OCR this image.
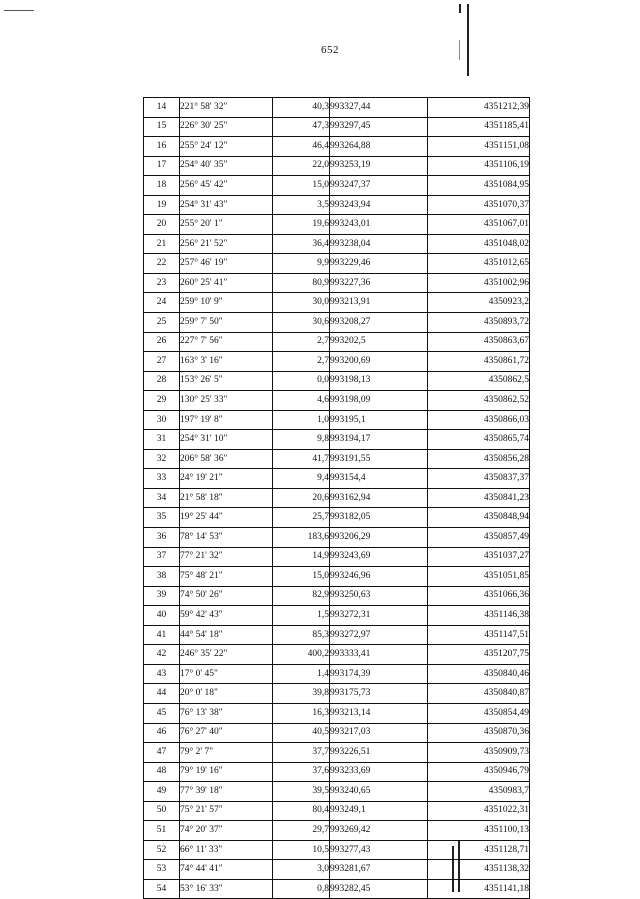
652
14	221° 58' 32"	40,3	993327,44	4351212,39
15	226° 30' 25"	47,3	993297,45	4351185,41
16	255° 24' 12"	46,4	993264,88	4351151,08
17	254° 40' 35"	22,0	993253,19	4351106,19
18	256° 45' 42"	15,0	993247,37	4351084,95
19	254° 31' 43"	3,5	993243,94	4351070,37
20	255° 20' 1"	19,6	993243,01	4351067,01
21	256° 21' 52"	36,4	993238,04	4351048,02
22	257° 46' 19"	9,9	993229,46	4351012,65
23	260° 25' 41"	80,9	993227,36	4351002,96
24	259° 10' 9"	30,0	993213,91	4350923,2
25	259° 7' 50"	30,6	993208,27	4350893,72
26	227° 7' 56"	2,7	993202,5	4350863,67
27	163° 3' 16"	2,7	993200,69	4350861,72
28	153° 26' 5"	0,0	993198,13	4350862,5
29	130° 25' 33"	4,6	993198,09	4350862,52
30	197° 19' 8"	1,0	993195,1	4350866,03
31	254° 31' 10"	9,8	993194,17	4350865,74
32	206° 58' 36"	41,7	993191,55	4350856,28
33	24° 19' 21"	9,4	993154,4	4350837,37
34	21° 58' 18"	20,6	993162,94	4350841,23
35	19° 25' 44"	25,7	993182,05	4350848,94
36	78° 14' 53"	183,6	993206,29	4350857,49
37	77° 21' 32"	14,9	993243,69	4351037,27
38	75° 48' 21"	15,0	993246,96	4351051,85
39	74° 50' 26"	82,9	993250,63	4351066,36
40	59° 42' 43"	1,5	993272,31	4351146,38
41	44° 54' 18"	85,3	993272,97	4351147,51
42	246° 35' 22"	400,2	993333,41	4351207,75
43	17° 0' 45"	1,4	993174,39	4350840,46
44	20° 0' 18"	39,8	993175,73	4350840,87
45	76° 13' 38"	16,3	993213,14	4350854,49
46	76° 27' 40"	40,5	993217,03	4350870,36
47	79° 2' 7"	37,7	993226,51	4350909,73
48	79° 19' 16"	37,6	993233,69	4350946,79
49	77° 39' 18"	39,5	993240,65	4350983,7
50	75° 21' 57"	80,4	993249,1	4351022,31
51	74° 20' 37"	29,7	993269,42	4351100,13
52	66° 11' 33"	10,5	993277,43	4351128,71
53	74° 44' 41"	3,0	993281,67	4351138,32
54	53° 16' 33"	0,8	993282,45	4351141,18
